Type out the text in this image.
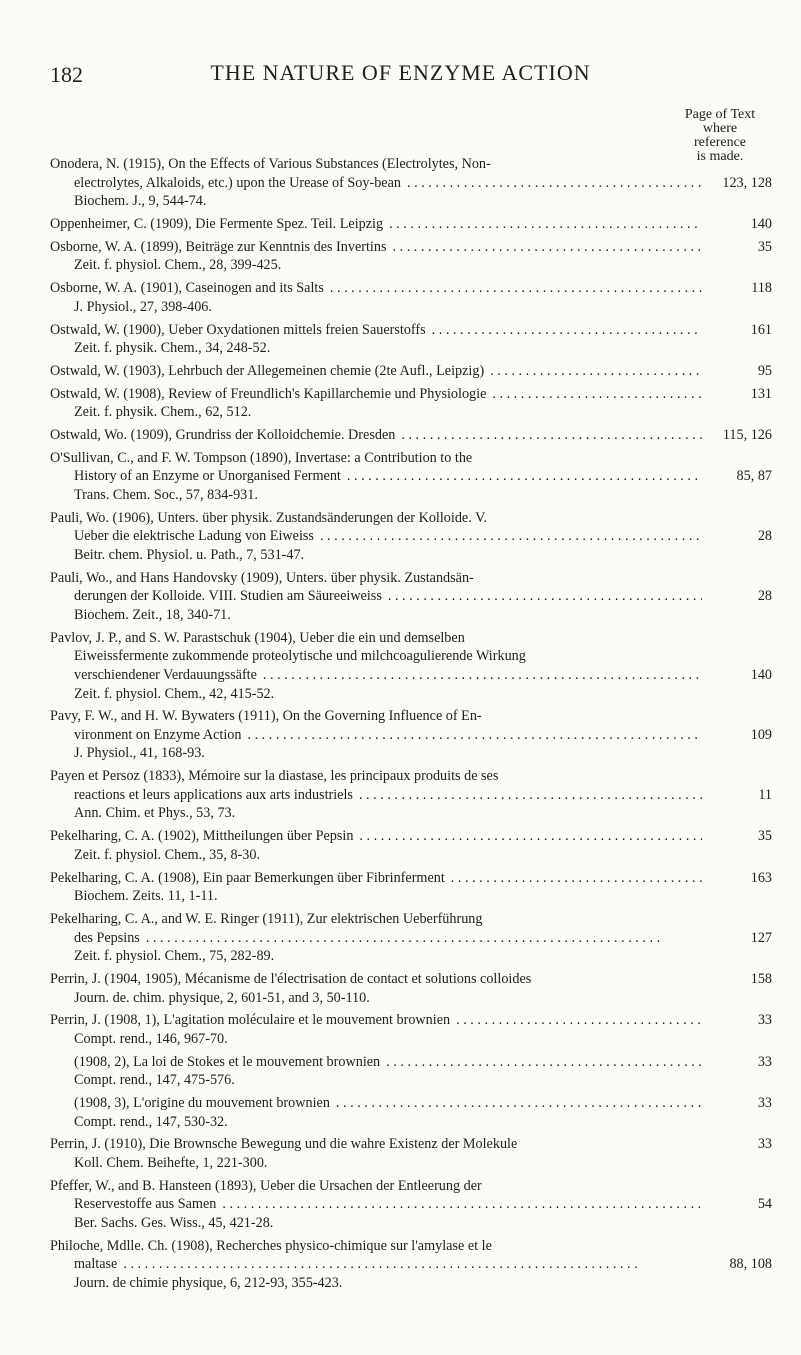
182	THE NATURE OF ENZYME ACTION
Page of Text
where
reference
is made.
Onodera, N. (1915), On the Effects of Various Substances (Electrolytes, Non-
electrolytes, Alkaloids, etc.) upon the Urease of Soy-bean . . .	123, 128
Biochem. J., 9, 544-74.
Oppenheimer, C. (1909), Die Fermente Spez. Teil. Leipzig . . .	140
Osborne, W. A. (1899), Beiträge zur Kenntnis des Invertins . . .	35
Zeit. f. physiol. Chem., 28, 399-425.
Osborne, W. A. (1901), Caseinogen and its Salts . . .	118
J. Physiol., 27, 398-406.
Ostwald, W. (1900), Ueber Oxydationen mittels freien Sauerstoffs . . .	161
Zeit. f. physik. Chem., 34, 248-52.
Ostwald, W. (1903), Lehrbuch der Allegemeinen chemie (2te Aufl., Leipzig) . . .	95
Ostwald, W. (1908), Review of Freundlich's Kapillarchemie und Physiologie . . .	131
Zeit. f. physik. Chem., 62, 512.
Ostwald, Wo. (1909), Grundriss der Kolloidchemie. Dresden . . .	115, 126
O'Sullivan, C., and F. W. Tompson (1890), Invertase: a Contribution to the
History of an Enzyme or Unorganised Ferment . . .	85, 87
Trans. Chem. Soc., 57, 834-931.
Pauli, Wo. (1906), Unters. über physik. Zustandsänderungen der Kolloide. V.
Ueber die elektrische Ladung von Eiweiss . . .	28
Beitr. chem. Physiol. u. Path., 7, 531-47.
Pauli, Wo., and Hans Handovsky (1909), Unters. über physik. Zustandsän-
derungen der Kolloide. VIII. Studien am Säureeiweiss . . .	28
Biochem. Zeit., 18, 340-71.
Pavlov, J. P., and S. W. Parastschuk (1904), Ueber die ein und demselben
Eiweissfermente zukommende proteolytische und milchcoagulierende Wirkung
verschiendener Verdauungssäfte . . .	140
Zeit. f. physiol. Chem., 42, 415-52.
Pavy, F. W., and H. W. Bywaters (1911), On the Governing Influence of En-
vironment on Enzyme Action . . .	109
J. Physiol., 41, 168-93.
Payen et Persoz (1833), Mémoire sur la diastase, les principaux produits de ses
reactions et leurs applications aux arts industriels . . .	11
Ann. Chim. et Phys., 53, 73.
Pekelharing, C. A. (1902), Mittheilungen über Pepsin . . .	35
Zeit. f. physiol. Chem., 35, 8-30.
Pekelharing, C. A. (1908), Ein paar Bemerkungen über Fibrinferment . . .	163
Biochem. Zeits. 11, 1-11.
Pekelharing, C. A., and W. E. Ringer (1911), Zur elektrischen Ueberführung
des Pepsins . . .	127
Zeit. f. physiol. Chem., 75, 282-89.
Perrin, J. (1904, 1905), Mécanisme de l'électrisation de contact et solutions colloides	158
Journ. de. chim. physique, 2, 601-51, and 3, 50-110.
Perrin, J. (1908, 1), L'agitation moléculaire et le mouvement brownien . . .	33
Compt. rend., 146, 967-70.
(1908, 2), La loi de Stokes et le mouvement brownien . . .	33
Compt. rend., 147, 475-576.
(1908, 3), L'origine du mouvement brownien . . .	33
Compt. rend., 147, 530-32.
Perrin, J. (1910), Die Brownsche Bewegung und die wahre Existenz der Molekule	33
Koll. Chem. Beihefte, 1, 221-300.
Pfeffer, W., and B. Hansteen (1893), Ueber die Ursachen der Entleerung der
Reservestoffe aus Samen . . .	54
Ber. Sachs. Ges. Wiss., 45, 421-28.
Philoche, Mdlle. Ch. (1908), Recherches physico-chimique sur l'amylase et le
maltase . . .	88, 108
Journ. de chimie physique, 6, 212-93, 355-423.
